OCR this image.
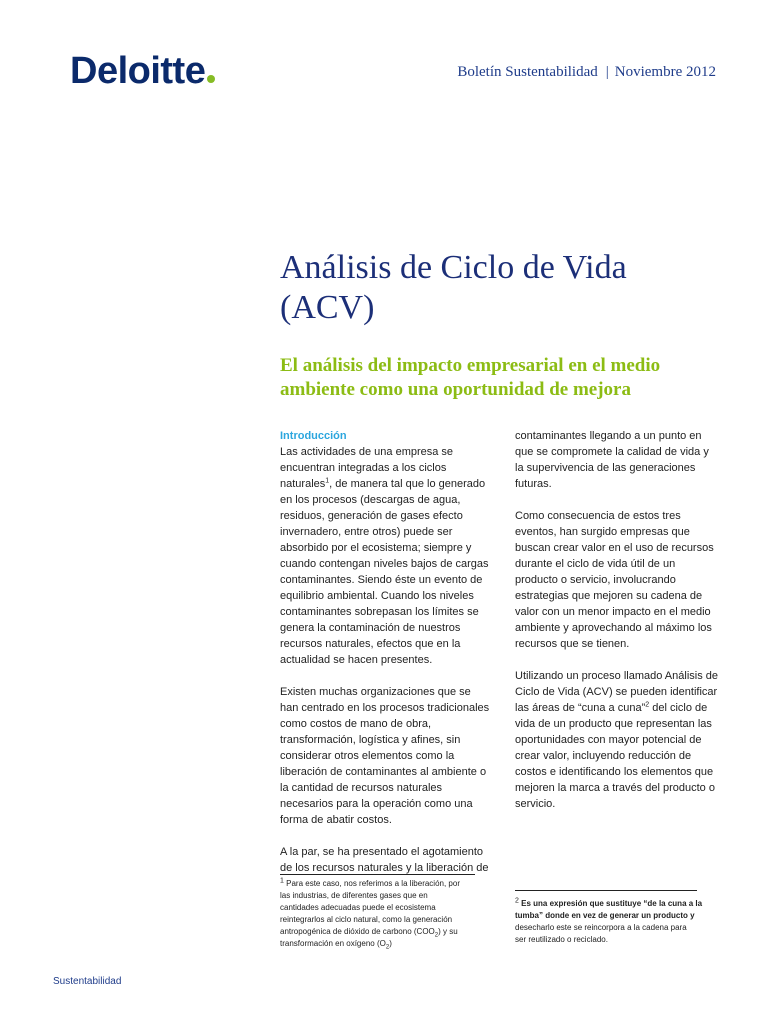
Deloitte	Boletín Sustentabilidad | Noviembre 2012
Análisis de Ciclo de Vida
(ACV)
El análisis del impacto empresarial en el medio
ambiente como una oportunidad de mejora
Introducción

Las actividades de una empresa se
encuentran integradas a los ciclos
naturales$^1$, de manera tal que lo generado
en los procesos (descargas de agua,
residuos, generación de gases efecto
invernadero, entre otros) puede ser
absorbido por el ecosistema; siempre y
cuando contengan niveles bajos de cargas
contaminantes. Siendo éste un evento de
equilibrio ambiental. Cuando los niveles
contaminantes sobrepasan los límites se
genera la contaminación de nuestros
recursos naturales, efectos que en la
actualidad se hacen presentes.

Existen muchas organizaciones que se
han centrado en los procesos tradicionales
como costos de mano de obra,
transformación, logística y afines, sin
considerar otros elementos como la
liberación de contaminantes al ambiente o
la cantidad de recursos naturales
necesarios para la operación como una
forma de abatir costos.

A la par, se ha presentado el agotamiento
de los recursos naturales y la liberación de

contaminantes llegando a un punto en
que se compromete la calidad de vida y
la supervivencia de las generaciones
futuras.

Como consecuencia de estos tres
eventos, han surgido empresas que
buscan crear valor en el uso de recursos
durante el ciclo de vida útil de un
producto o servicio, involucrando
estrategias que mejoren su cadena de
valor con un menor impacto en el medio
ambiente y aprovechando al máximo los
recursos que se tienen.

Utilizando un proceso llamado Análisis de
Ciclo de Vida (ACV) se pueden identificar
las áreas de “cuna a cuna”$^2$ del ciclo de
vida de un producto que representan las
oportunidades con mayor potencial de
crear valor, incluyendo reducción de
costos e identificando los elementos que
mejoren la marca a través del producto o
servicio.

$^1$ Para este caso, nos referimos a la liberación, por
las industrias, de diferentes gases que en
cantidades adecuadas puede el ecosistema
reintegrarlos al ciclo natural, como la generación
antropogénica de dióxido de carbono $(COO_2)$ y su
transformación en oxígeno $(O_2)$
$^2$ Es una expresión que sustituye “de la cuna a la
tumba” donde en vez de generar un producto y
desecharlo este se reincorpora a la cadena para
ser reutilizado o reciclado.
Sustentabilidad
